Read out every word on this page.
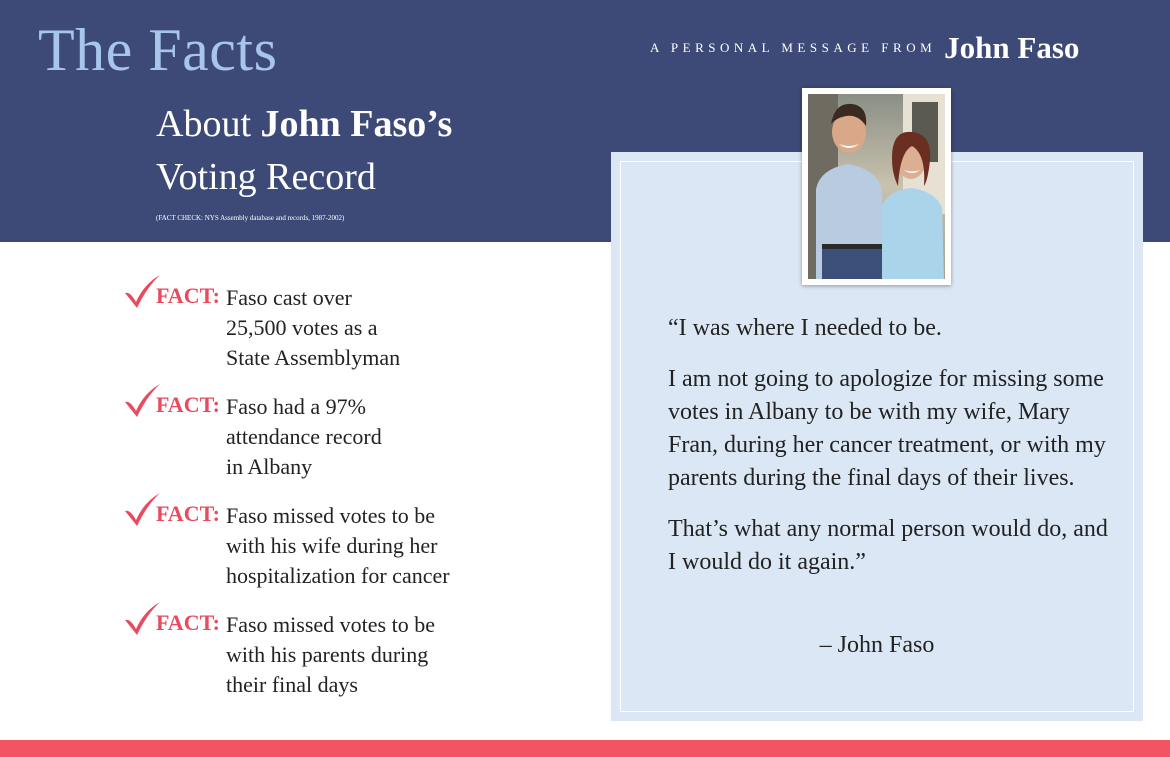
The Facts
About John Faso’s
Voting Record
(FACT CHECK: NYS Assembly database and records, 1987-2002)
A PERSONAL MESSAGE FROM John Faso
FACT: Faso cast over
25,500 votes as a
State Assemblyman
FACT: Faso had a 97%
attendance record
in Albany
FACT: Faso missed votes to be
with his wife during her
hospitalization for cancer
FACT: Faso missed votes to be
with his parents during
their final days

“I was where I needed to be.

I am not going to apologize for missing some votes in Albany to be with my wife, Mary Fran, during her cancer treatment, or with my parents during the final days of their lives.

That’s what any normal person would do, and I would do it again.”

– John Faso
